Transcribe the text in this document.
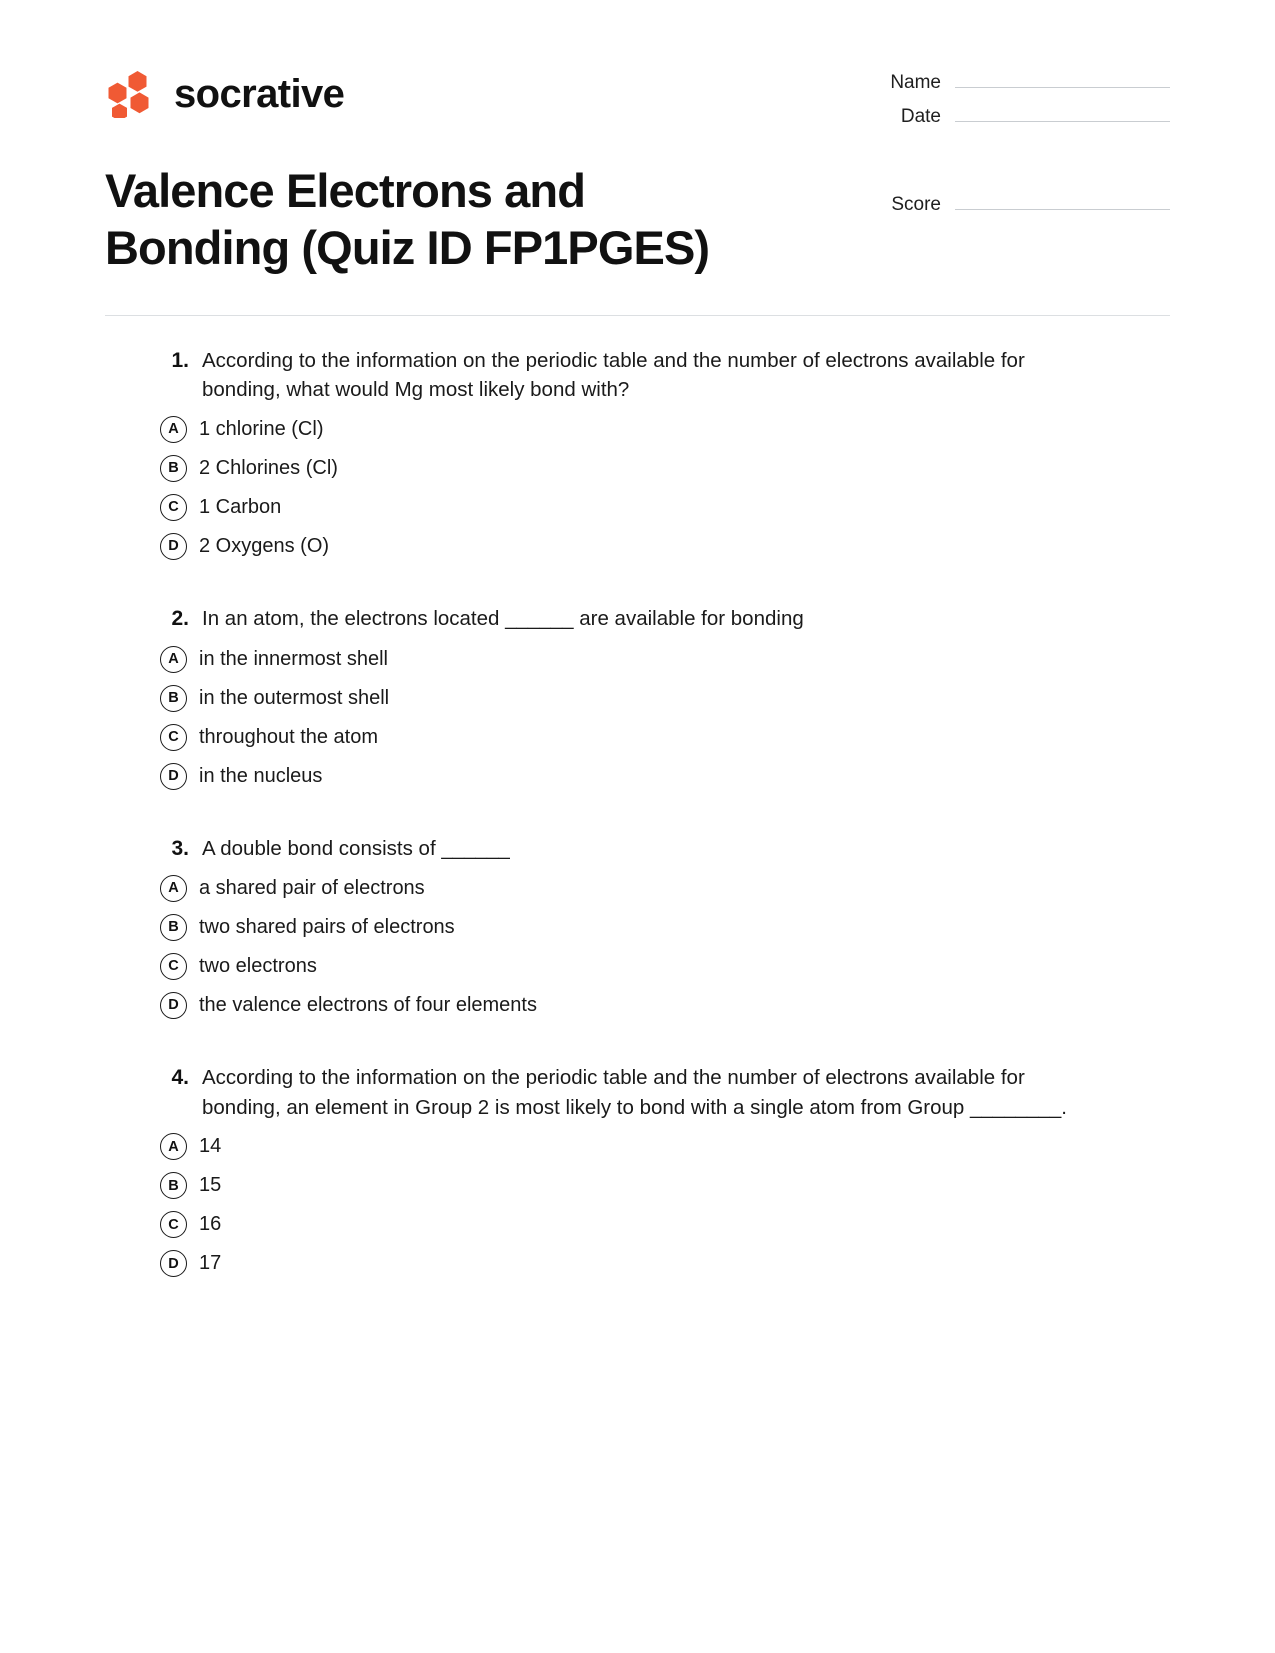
socrative	Name
Date
Score
Valence Electrons and Bonding (Quiz ID FP1PGES)
1. According to the information on the periodic table and the number of electrons available for bonding, what would Mg most likely bond with?
A	1 chlorine (Cl)
B	2 Chlorines (Cl)
C	1 Carbon
D	2 Oxygens (O)
2. In an atom, the electrons located ______ are available for bonding
A	in the innermost shell
B	in the outermost shell
C	throughout the atom
D	in the nucleus
3. A double bond consists of ______
A	a shared pair of electrons
B	two shared pairs of electrons
C	two electrons
D	the valence electrons of four elements
4. According to the information on the periodic table and the number of electrons available for bonding, an element in Group 2 is most likely to bond with a single atom from Group ________.
A	14
B	15
C	16
D	17
